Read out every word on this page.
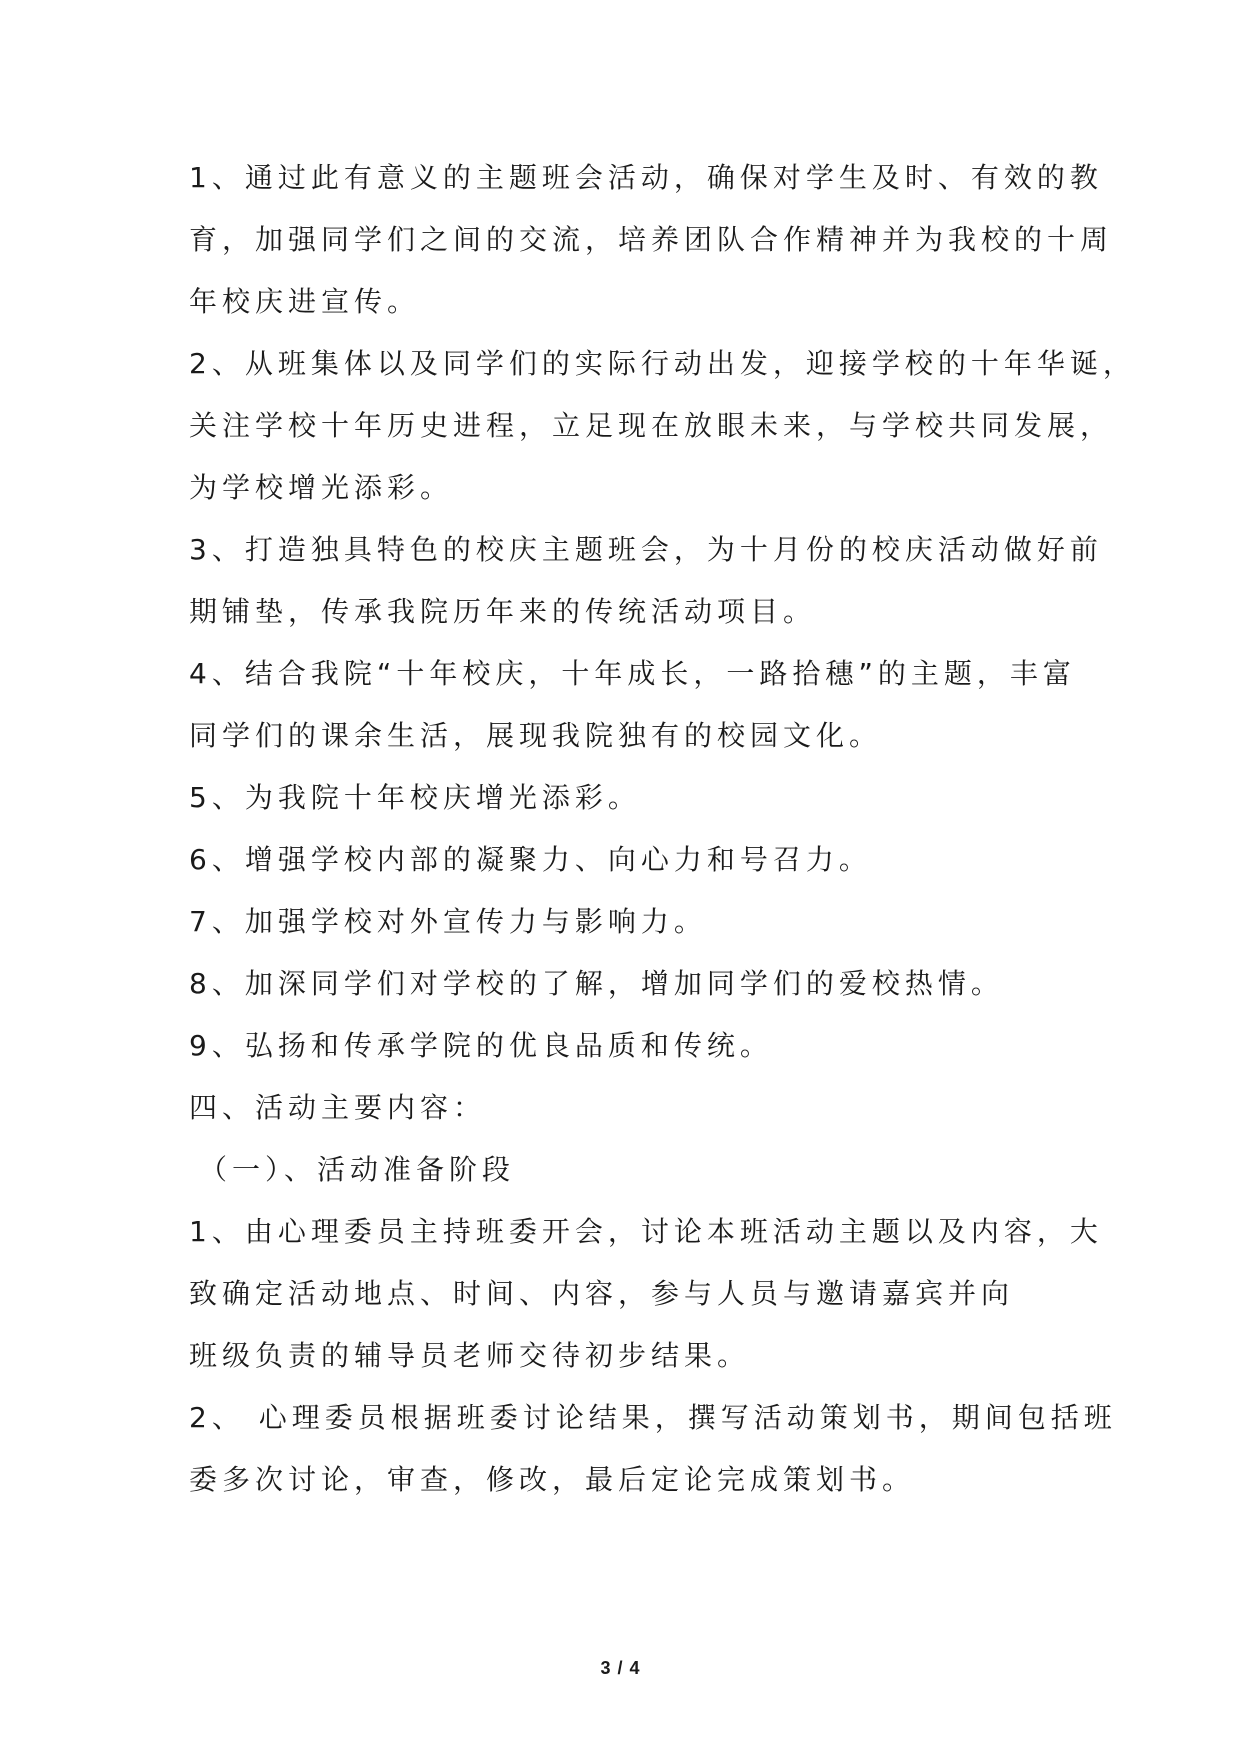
1、通过此有意义的主题班会活动，确保对学生及时、有效的教
育，加强同学们之间的交流，培养团队合作精神并为我校的十周
年校庆进宣传。
2、从班集体以及同学们的实际行动出发，迎接学校的十年华诞，
关注学校十年历史进程，立足现在放眼未来，与学校共同发展，
为学校增光添彩。
3、打造独具特色的校庆主题班会，为十月份的校庆活动做好前
期铺垫，传承我院历年来的传统活动项目。
4、结合我院“十年校庆，十年成长，一路拾穗”的主题，丰富
同学们的课余生活，展现我院独有的校园文化。
5、为我院十年校庆增光添彩。
6、增强学校内部的凝聚力、向心力和号召力。
7、加强学校对外宣传力与影响力。
8、加深同学们对学校的了解，增加同学们的爱校热情。
9、弘扬和传承学院的优良品质和传统。
四、活动主要内容：
（一）、活动准备阶段
1、由心理委员主持班委开会，讨论本班活动主题以及内容，大
致确定活动地点、时间、内容，参与人员与邀请嘉宾并向
班级负责的辅导员老师交待初步结果。
2、 心理委员根据班委讨论结果，撰写活动策划书，期间包括班
委多次讨论，审查，修改，最后定论完成策划书。
3 / 4
